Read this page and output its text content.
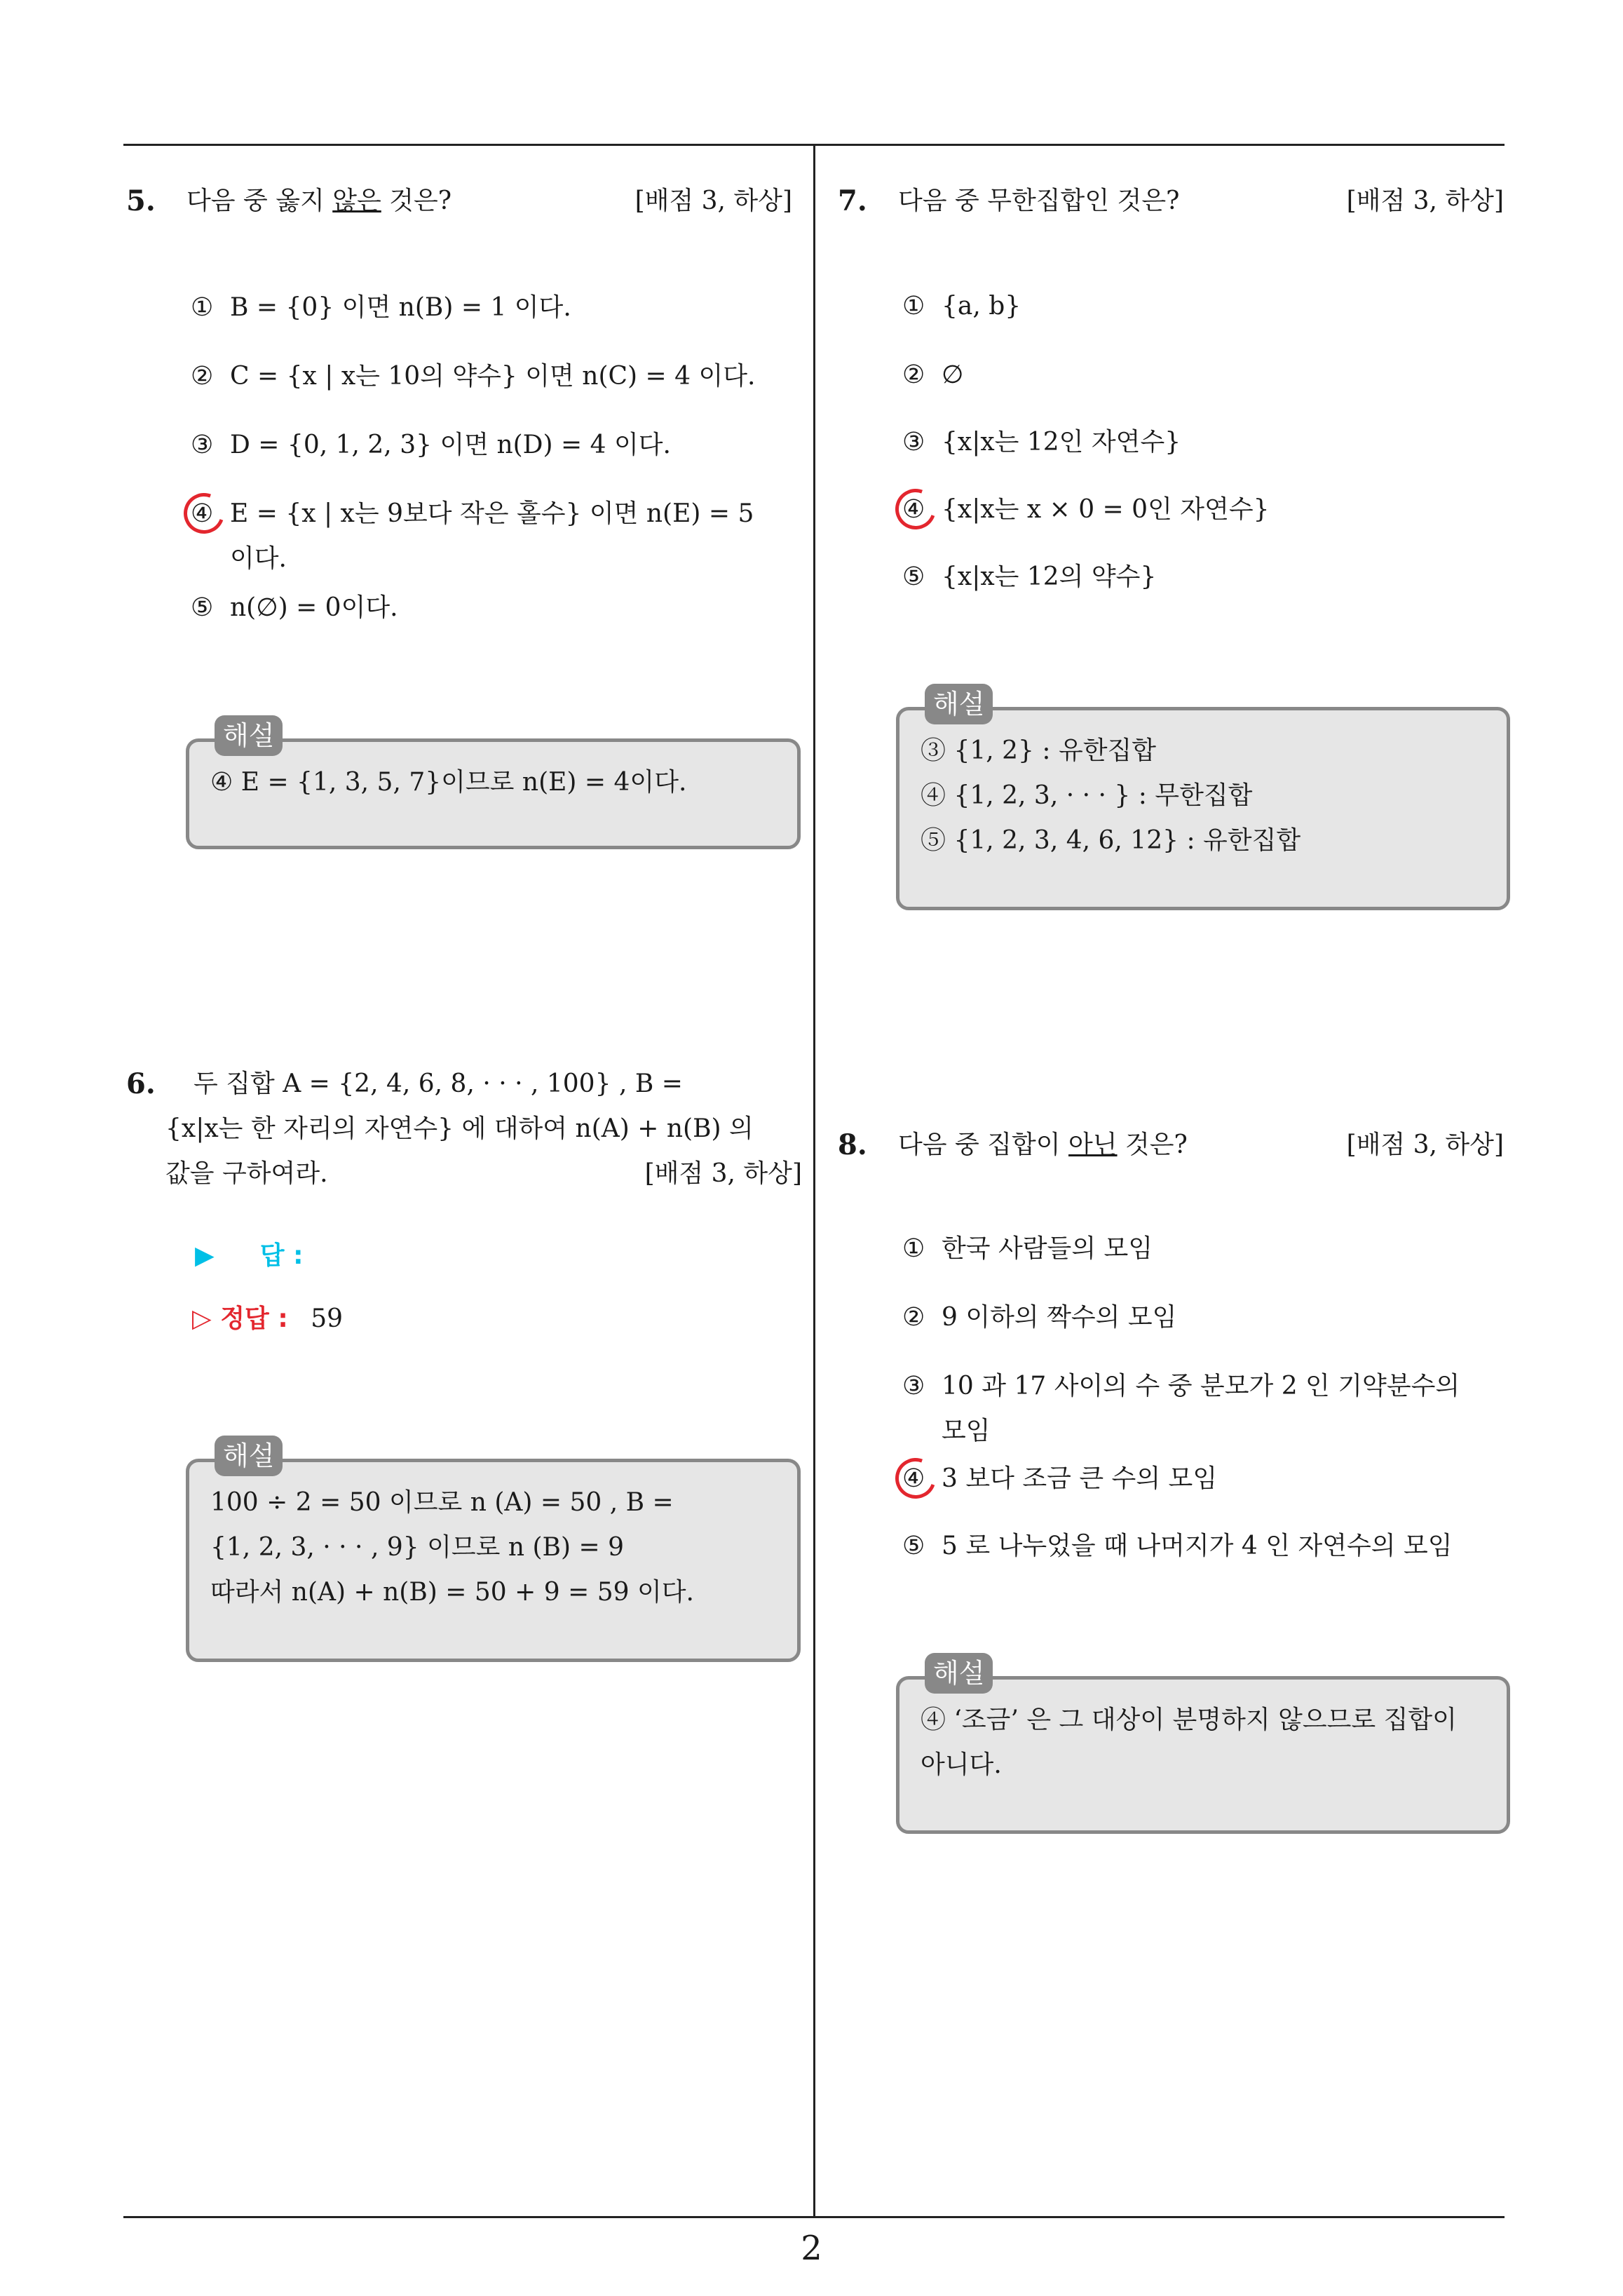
2
5. 다음 중 옳지 않은 것은?	[배점 3, 하상]
① B = {0} 이면 n(B) = 1 이다.
② C = {x | x는 10의 약수} 이면 n(C) = 4 이다.
③ D = {0, 1, 2, 3} 이면 n(D) = 4 이다.
④ E = {x | x는 9보다 작은 홀수} 이면 n(E) = 5
이다.
⑤ n(∅) = 0이다.
해설
④ E = {1, 3, 5, 7}이므로 n(E) = 4이다.
6. 두 집합 A = {2, 4, 6, 8, · · · , 100} , B =
{x|x는 한 자리의 자연수} 에 대하여 n(A) + n(B) 의
값을 구하여라.	[배점 3, 하상]
▶ 답 :
▷ 정답 : 59
해설
100 ÷ 2 = 50 이므로 n (A) = 50 , B =
{1, 2, 3, · · · , 9} 이므로 n (B) = 9
따라서 n(A) + n(B) = 50 + 9 = 59 이다.
7. 다음 중 무한집합인 것은?	[배점 3, 하상]
① {a, b}
② ∅
③ {x|x는 12인 자연수}
④ {x|x는 x × 0 = 0인 자연수}
⑤ {x|x는 12의 약수}
해설
③ {1, 2} : 유한집합
④ {1, 2, 3, · · · } : 무한집합
⑤ {1, 2, 3, 4, 6, 12} : 유한집합
8. 다음 중 집합이 아닌 것은?	[배점 3, 하상]
① 한국 사람들의 모임
② 9 이하의 짝수의 모임
③ 10 과 17 사이의 수 중 분모가 2 인 기약분수의
모임
④ 3 보다 조금 큰 수의 모임
⑤ 5 로 나누었을 때 나머지가 4 인 자연수의 모임
해설
④ ‘조금’ 은 그 대상이 분명하지 않으므로 집합이
아니다.
